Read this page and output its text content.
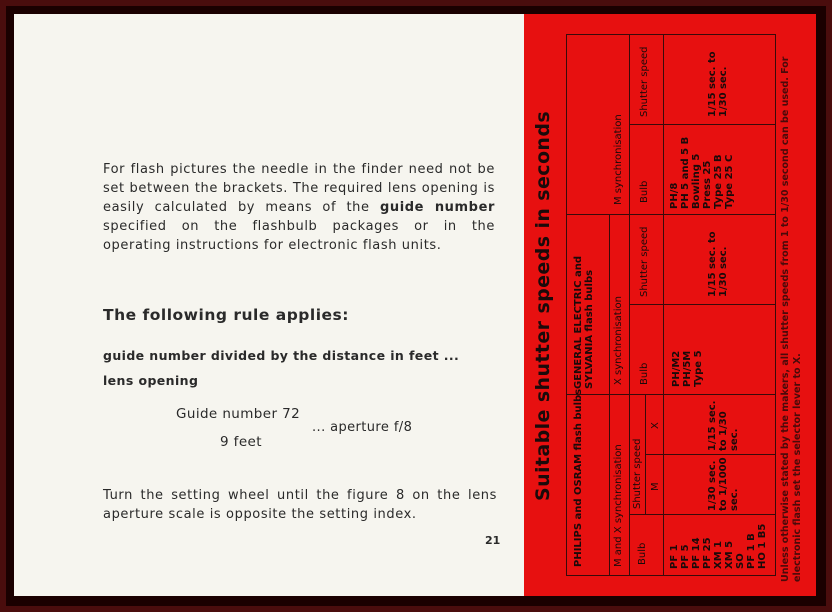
For flash pictures the needle in the finder need not be set between the brackets. The required lens opening is easily calculated by means of the guide number specified on the flashbulb packages or in the operating instructions for electronic flash units.
The following rule applies:
guide number divided by the distance in feet ...
lens opening
Guide number 72
9 feet
... aperture f/8
Turn the setting wheel until the figure 8 on the lens aperture scale is opposite the setting index.
21
Suitable shutter speeds in seconds PHILIPS and OSRAM flash bulbs	M and X synchronisation Bulb
Shutter speed M
X
PF 1
PF 5
PF 14
PF 25
XM 1
XM 5
SO
PF 1 B
HO 1 B5
1/30 sec. to 1/1000 sec.
1/15 sec. to 1/30 sec.
GENERAL ELECTRIC and SYLVANIA flash bulbs X synchronisation Bulb
Shutter speed
PH/M2
PH/5M
Type 5
1/15 sec. to 1/30 sec.
M synchronisation Bulb
Shutter speed
PH/8
PH 5 and 5 B
Bowling 5
Press 25
Type 25 B
Type 25 C
1/15 sec. to 1/30 sec.	Unless otherwise stated by the makers, all shutter speeds from 1 to 1/30 second can be used. For electronic flash set the selector lever to X.
